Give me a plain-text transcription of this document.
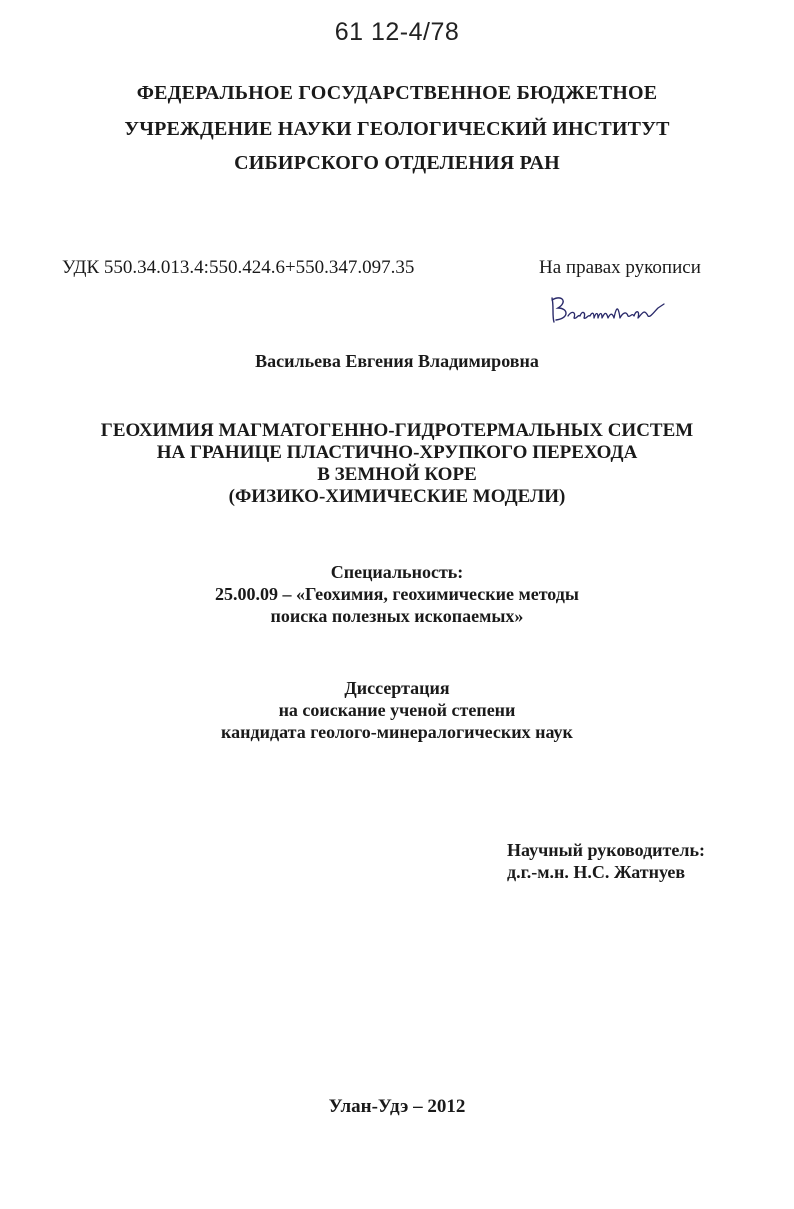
61 12-4/78
ФЕДЕРАЛЬНОЕ ГОСУДАРСТВЕННОЕ БЮДЖЕТНОЕ
УЧРЕЖДЕНИЕ НАУКИ ГЕОЛОГИЧЕСКИЙ ИНСТИТУТ
СИБИРСКОГО ОТДЕЛЕНИЯ РАН
УДК 550.34.013.4:550.424.6+550.347.097.35	На правах рукописи
Васильева Евгения Владимировна
ГЕОХИМИЯ МАГМАТОГЕННО-ГИДРОТЕРМАЛЬНЫХ СИСТЕМ
НА ГРАНИЦЕ ПЛАСТИЧНО-ХРУПКОГО ПЕРЕХОДА
В ЗЕМНОЙ КОРЕ
(ФИЗИКО-ХИМИЧЕСКИЕ МОДЕЛИ)
Специальность:
25.00.09 – «Геохимия, геохимические методы
поиска полезных ископаемых»
Диссертация
на соискание ученой степени
кандидата геолого-минералогических наук
Научный руководитель:
д.г.-м.н. Н.С. Жатнуев
Улан-Удэ – 2012
